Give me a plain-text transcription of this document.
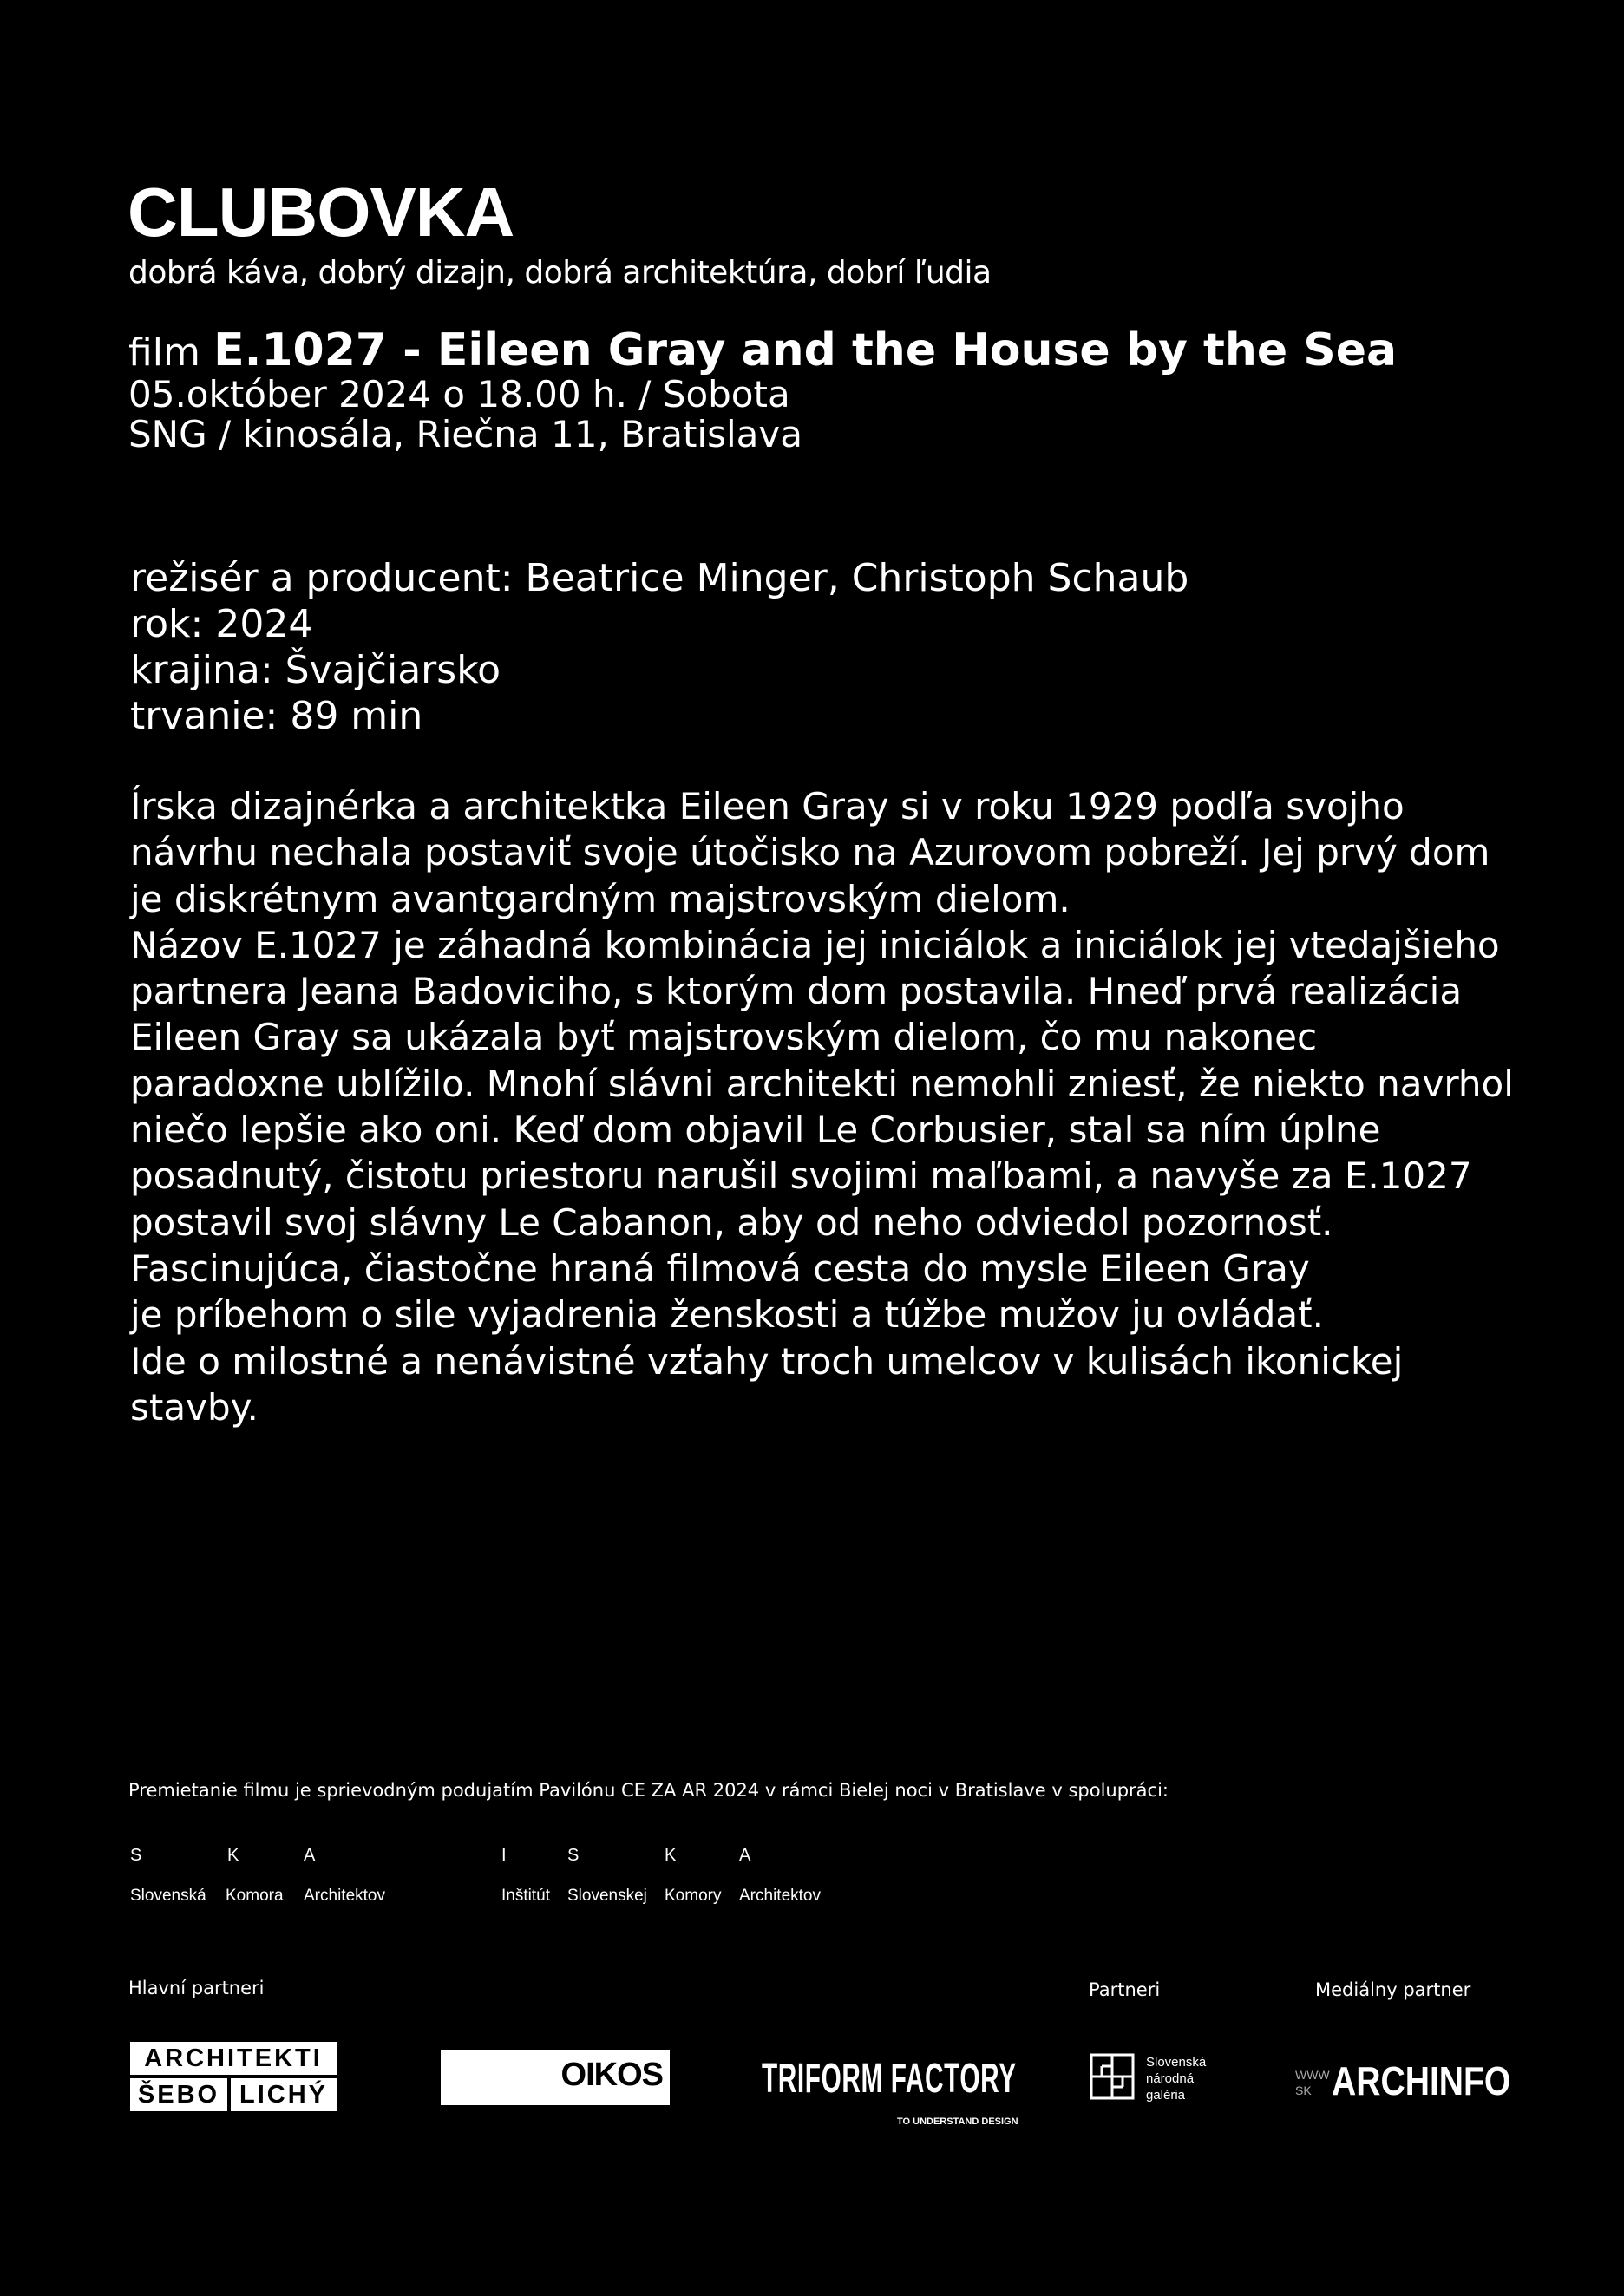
CLUBOVKA
dobrá káva, dobrý dizajn, dobrá architektúra, dobrí ľudia
film E.1027 - Eileen Gray and the House by the Sea
05.október 2024 o 18.00 h. / Sobota
SNG / kinosála, Riečna 11, Bratislava
režisér a producent: Beatrice Minger, Christoph Schaub
rok: 2024
krajina: Švajčiarsko
trvanie: 89 min
Írska dizajnérka a architektka Eileen Gray si v roku 1929 podľa svojho
návrhu nechala postaviť svoje útočisko na Azurovom pobreží. Jej prvý dom
je diskrétnym avantgardným majstrovským dielom.
Názov E.1027 je záhadná kombinácia jej iniciálok a iniciálok jej vtedajšieho
partnera Jeana Badoviciho, s ktorým dom postavila. Hneď prvá realizácia
Eileen Gray sa ukázala byť majstrovským dielom, čo mu nakonec
paradoxne ublížilo. Mnohí slávni architekti nemohli zniesť, že niekto navrhol
niečo lepšie ako oni. Keď dom objavil Le Corbusier, stal sa ním úplne
posadnutý, čistotu priestoru narušil svojimi maľbami, a navyše za E.1027
postavil svoj slávny Le Cabanon, aby od neho odviedol pozornosť.
Fascinujúca, čiastočne hraná filmová cesta do mysle Eileen Gray
je príbehom o sile vyjadrenia ženskosti a túžbe mužov ju ovládať.
Ide o milostné a nenávistné vzťahy troch umelcov v kulisách ikonickej
stavby.
Premietanie filmu je sprievodným podujatím Pavilónu CE ZA AR 2024 v rámci Bielej noci v Bratislave v spolupráci:
S	K	A
Slovenská Komora Architektov
I	S	K	A
Inštitút Slovenskej Komory Architektov
Hlavní partneri	Partneri	Mediálny partner
ARCHITEKTI
ŠEBO LICHÝ
OIKOS TRIFORM FACTORY
TO UNDERSTAND DESIGN
Slovenská
národná
galéria
WWW
SK ARCHINFO
